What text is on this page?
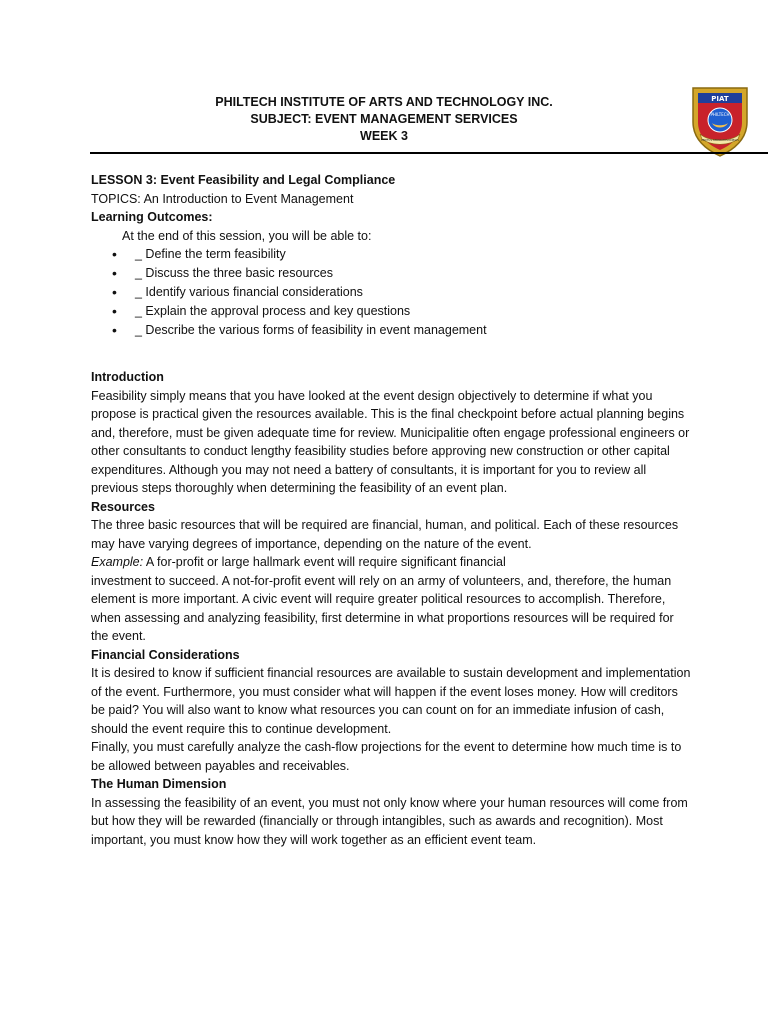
PHILTECH INSTITUTE OF ARTS AND TECHNOLOGY INC.
SUBJECT: EVENT MANAGEMENT SERVICES
WEEK 3
PIAT
PHILTECH
PERITUS APPARATUS NOBILIS
LESSON 3: Event Feasibility and Legal Compliance
TOPICS: An Introduction to Event Management
Learning Outcomes:
At the end of this session, you will be able to:
• _ Define the term feasibility
• _ Discuss the three basic resources
• _ Identify various financial considerations
• _ Explain the approval process and key questions
• _ Describe the various forms of feasibility in event management
Introduction

Feasibility simply means that you have looked at the event design objectively to determine if what you propose is practical given the resources available. This is the final checkpoint before actual planning begins and, therefore, must be given adequate time for review. Municipalitie often engage professional engineers or other consultants to conduct lengthy feasibility studies before approving new construction or other capital expenditures. Although you may not need a battery of consultants, it is important for you to review all previous steps thoroughly when determining the feasibility of an event plan.

Resources

The three basic resources that will be required are financial, human, and political. Each of these resources may have varying degrees of importance, depending on the nature of the event.

Example: A for-profit or large hallmark event will require significant financial

investment to succeed. A not-for-profit event will rely on an army of volunteers, and, therefore, the human element is more important. A civic event will require greater political resources to accomplish. Therefore, when assessing and analyzing feasibility, first determine in what proportions resources will be required for the event.

Financial Considerations

It is desired to know if sufficient financial resources are available to sustain development and implementation of the event. Furthermore, you must consider what will happen if the event loses money. How will creditors be paid? You will also want to know what resources you can count on for an immediate infusion of cash, should the event require this to continue development.

Finally, you must carefully analyze the cash-flow projections for the event to determine how much time is to be allowed between payables and receivables.

The Human Dimension

In assessing the feasibility of an event, you must not only know where your human resources will come from but how they will be rewarded (financially or through intangibles, such as awards and recognition). Most important, you must know how they will work together as an efficient event team.
